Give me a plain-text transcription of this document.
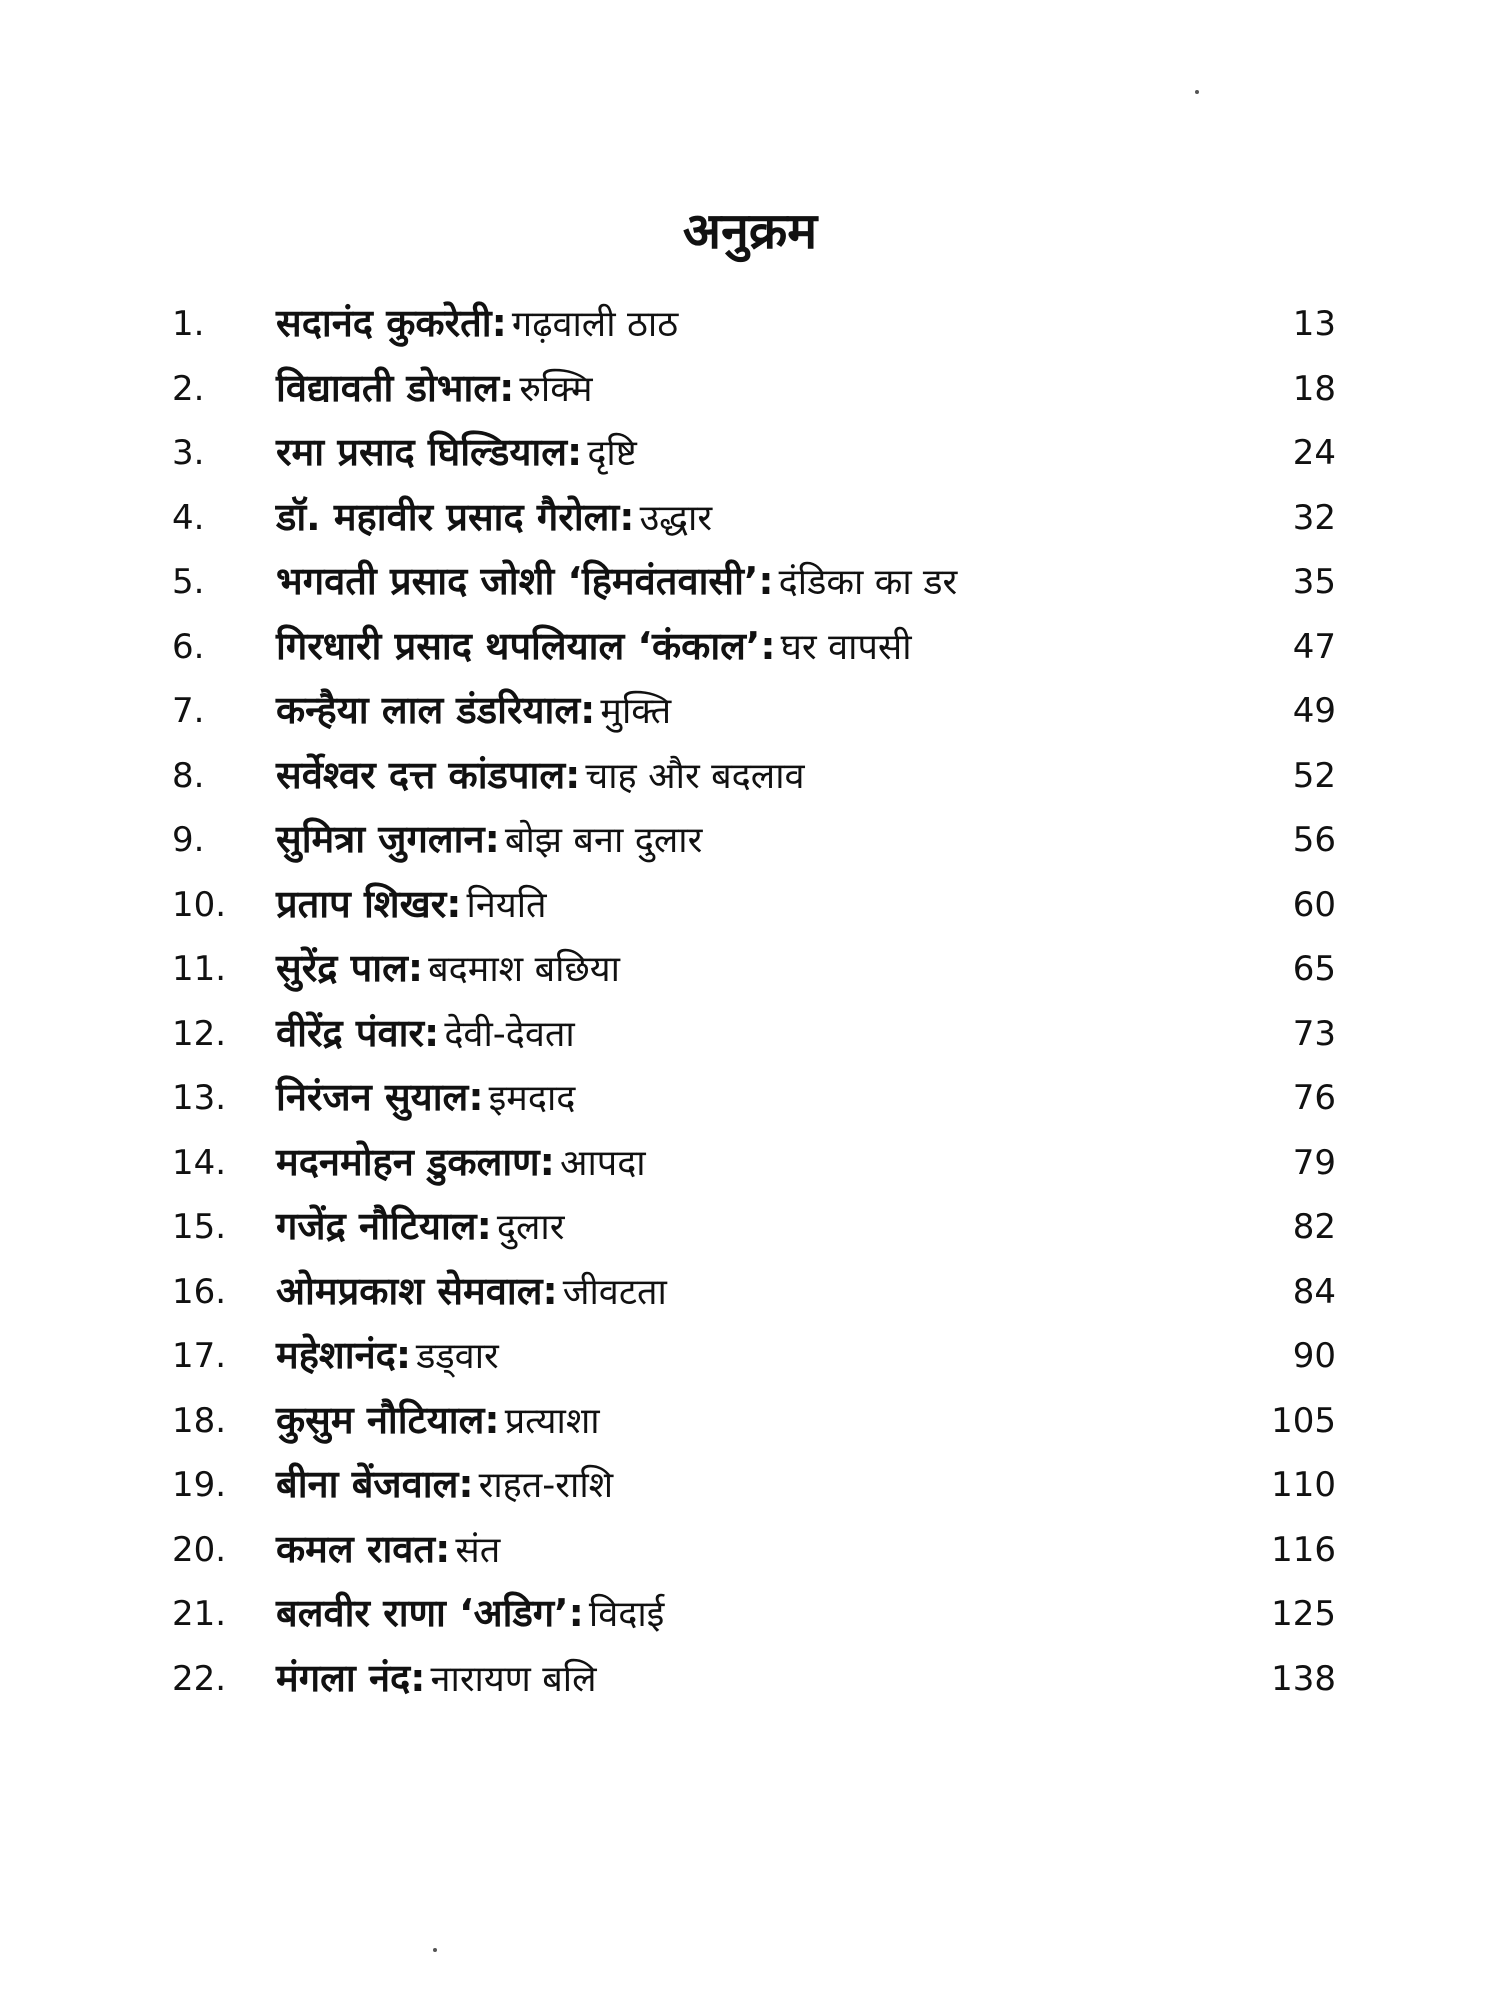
अनुक्रम
1. सदानंद कुकरेती: गढ़वाली ठाठ	13
2. विद्यावती डोभाल: रुक्मि	18
3. रमा प्रसाद घिल्डियाल: दृष्टि	24
4. डॉ. महावीर प्रसाद गैरोला: उद्धार	32
5. भगवती प्रसाद जोशी ‘हिमवंतवासी’: दंडिका का डर	35
6. गिरधारी प्रसाद थपलियाल ‘कंकाल’: घर वापसी	47
7. कन्हैया लाल डंडरियाल: मुक्ति	49
8. सर्वेश्वर दत्त कांडपाल: चाह और बदलाव	52
9. सुमित्रा जुगलान: बोझ बना दुलार	56
10. प्रताप शिखर: नियति	60
11. सुरेंद्र पाल: बदमाश बछिया	65
12. वीरेंद्र पंवार: देवी-देवता	73
13. निरंजन सुयाल: इमदाद	76
14. मदनमोहन डुकलाण: आपदा	79
15. गजेंद्र नौटियाल: दुलार	82
16. ओमप्रकाश सेमवाल: जीवटता	84
17. महेशानंद: डड्वार	90
18. कुसुम नौटियाल: प्रत्याशा	105
19. बीना बेंजवाल: राहत-राशि	110
20. कमल रावत: संत	116
21. बलवीर राणा ‘अडिग’: विदाई	125
22. मंगला नंद: नारायण बलि	138
